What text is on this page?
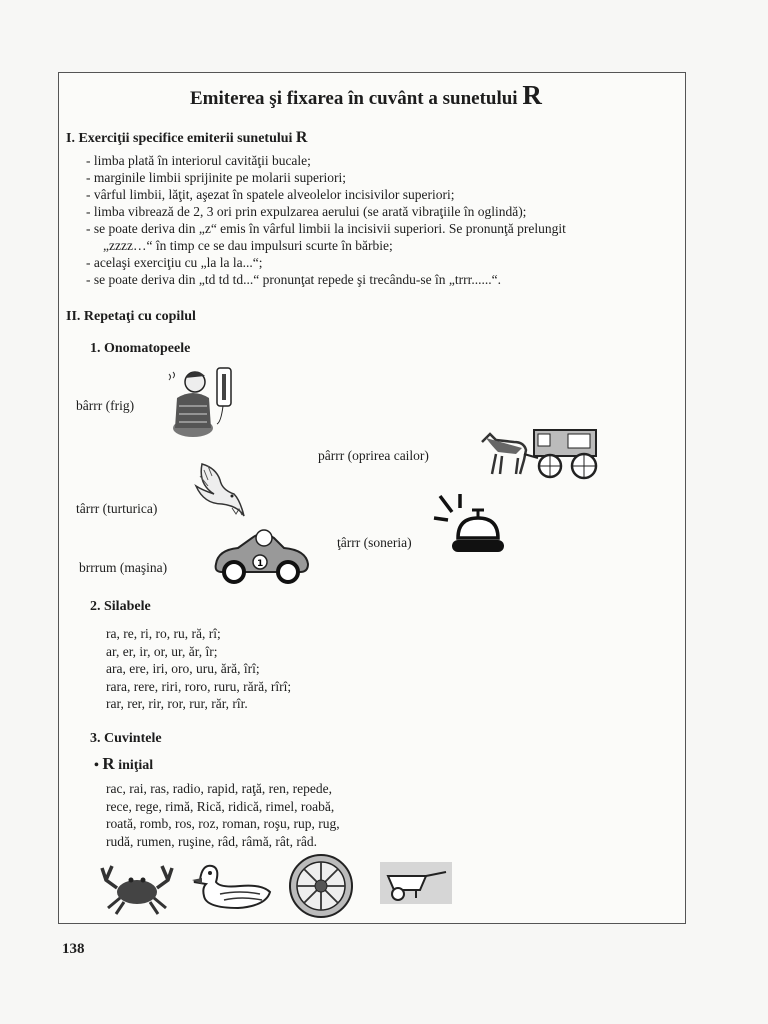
Emiterea şi fixarea în cuvânt a sunetului R
I. Exerciţii specifice emiterii sunetului R
- limba plată în interiorul cavităţii bucale;
- marginile limbii sprijinite pe molarii superiori;
- vârful limbii, lăţit, aşezat în spatele alveolelor incisivilor superiori;
- limba vibrează de 2, 3 ori prin expulzarea aerului (se arată vibraţiile în oglindă);
- se poate deriva din „z“ emis în vârful limbii la incisivii superiori. Se pronunţă prelungit
„zzzz…“ în timp ce se dau impulsuri scurte în bărbie;
- acelaşi exerciţiu cu „la la la...“;
- se poate deriva din „td td td...“ pronunţat repede şi trecându-se în „trrr......“.
II. Repetaţi cu copilul
1. Onomatopeele
bârrr (frig)
pârrr (oprirea cailor)
târrr (turturica)
ţârrr (soneria)
brrrum (maşina)	1
2. Silabele
ra, re, ri, ro, ru, ră, rî;
ar, er, ir, or, ur, ăr, îr;
ara, ere, iri, oro, uru, ără, îrî;
rara, rere, riri, roro, ruru, rără, rîrî;
rar, rer, rir, ror, rur, răr, rîr.
3. Cuvintele
• R iniţial
rac, rai, ras, radio, rapid, raţă, ren, repede,
rece, rege, rimă, Rică, ridică, rimel, roabă,
roată, romb, ros, roz, roman, roşu, rup, rug,
rudă, rumen, ruşine, râd, râmă, rât, râd.
138
